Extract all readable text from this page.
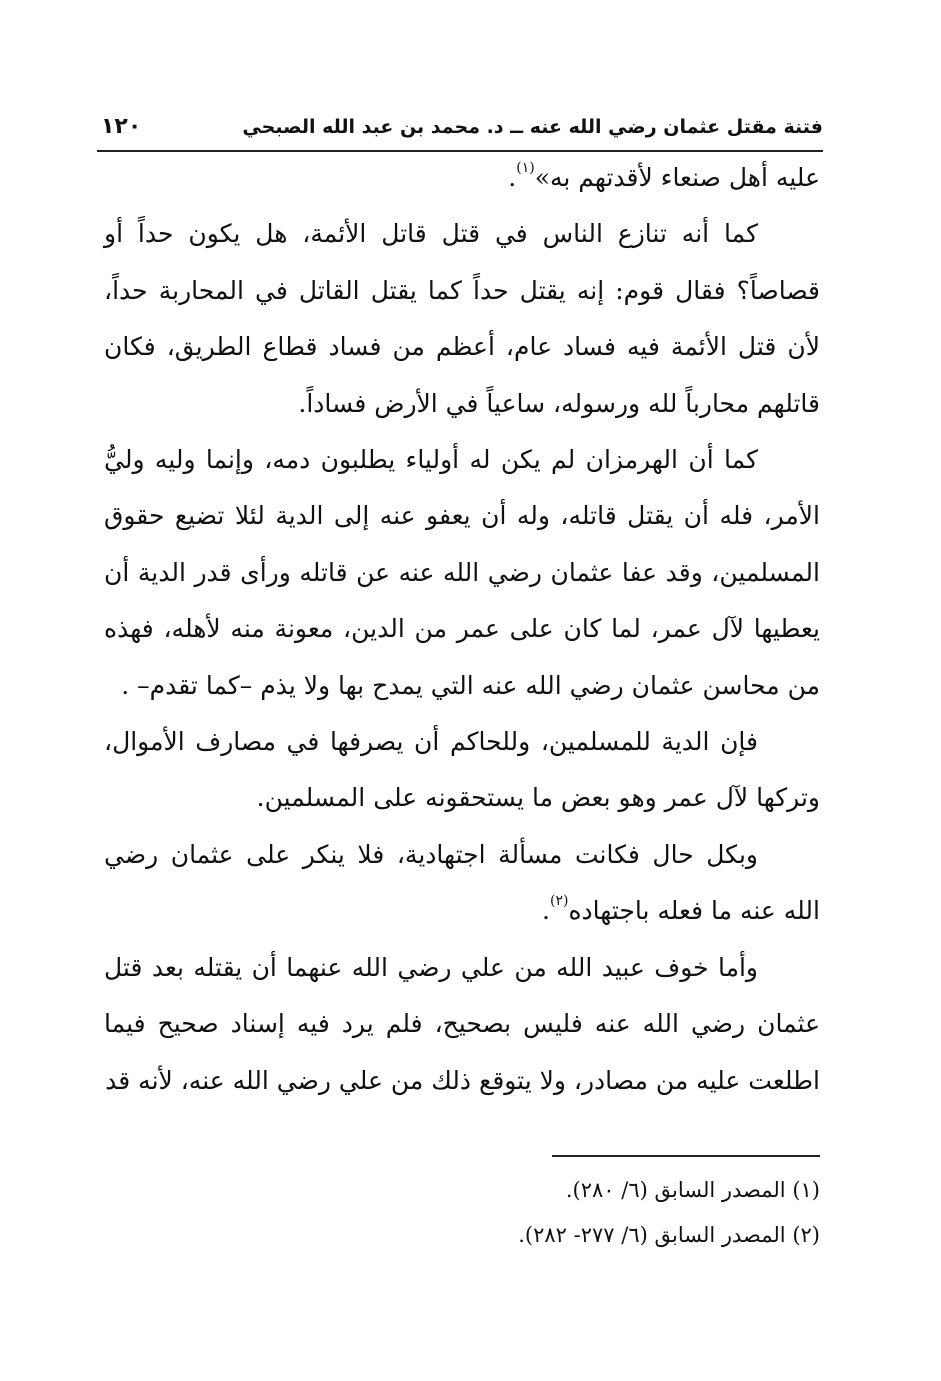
فتنة مقتل عثمان رضي الله عنه ــ د. محمد بن عبد الله الصبحي
١٢٠

عليه أهل صنعاء لأقدتهم به»$^{(١)}$.

كما أنه تنازع الناس في قتل قاتل الأئمة، هل يكون حداً أو قصاصاً؟ فقال قوم: إنه يقتل حداً كما يقتل القاتل في المحاربة حداً، لأن قتل الأئمة فيه فساد عام، أعظم من فساد قطاع الطريق، فكان قاتلهم محارباً لله ورسوله، ساعياً في الأرض فساداً.

كما أن الهرمزان لم يكن له أولياء يطلبون دمه، وإنما وليه وليُّ الأمر، فله أن يقتل قاتله، وله أن يعفو عنه إلى الدية لئلا تضيع حقوق المسلمين، وقد عفا عثمان رضي الله عنه عن قاتله ورأى قدر الدية أن يعطيها لآل عمر، لما كان على عمر من الدين، معونة منه لأهله، فهذه من محاسن عثمان رضي الله عنه التي يمدح بها ولا يذم –كما تقدم– .

فإن الدية للمسلمين، وللحاكم أن يصرفها في مصارف الأموال، وتركها لآل عمر وهو بعض ما يستحقونه على المسلمين.

وبكل حال فكانت مسألة اجتهادية، فلا ينكر على عثمان رضي الله عنه ما فعله باجتهاده$^{(٢)}$.

وأما خوف عبيد الله من علي رضي الله عنهما أن يقتله بعد قتل عثمان رضي الله عنه فليس بصحيح، فلم يرد فيه إسناد صحيح فيما اطلعت عليه من مصادر، ولا يتوقع ذلك من علي رضي الله عنه، لأنه قد

(١) المصدر السابق (٦/ ٢٨٠).

(٢) المصدر السابق (٦/ ٢٧٧- ٢٨٢).
